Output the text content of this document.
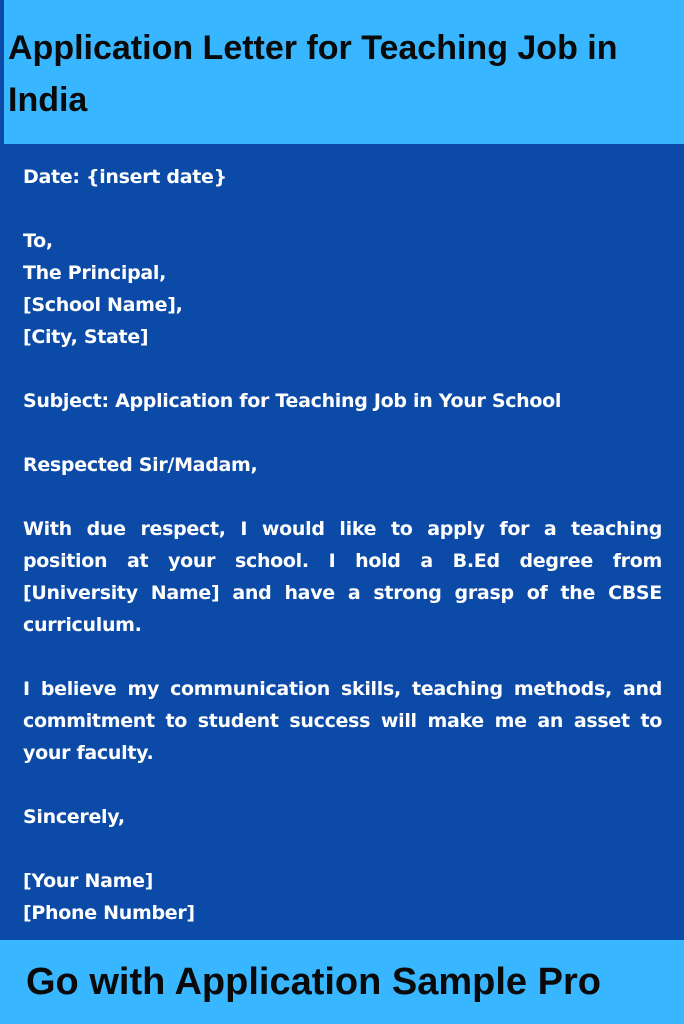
Application Letter for Teaching Job in India

Date: {insert date}

To,

The Principal,

[School Name],

[City, State]

Subject: Application for Teaching Job in Your School

Respected Sir/Madam,

With due respect, I would like to apply for a teaching position at your school. I hold a B.Ed degree from [University Name] and have a strong grasp of the CBSE curriculum.

I believe my communication skills, teaching methods, and commitment to student success will make me an asset to your faculty.

Sincerely,

[Your Name]

[Phone Number]

Go with Application Sample Pro
